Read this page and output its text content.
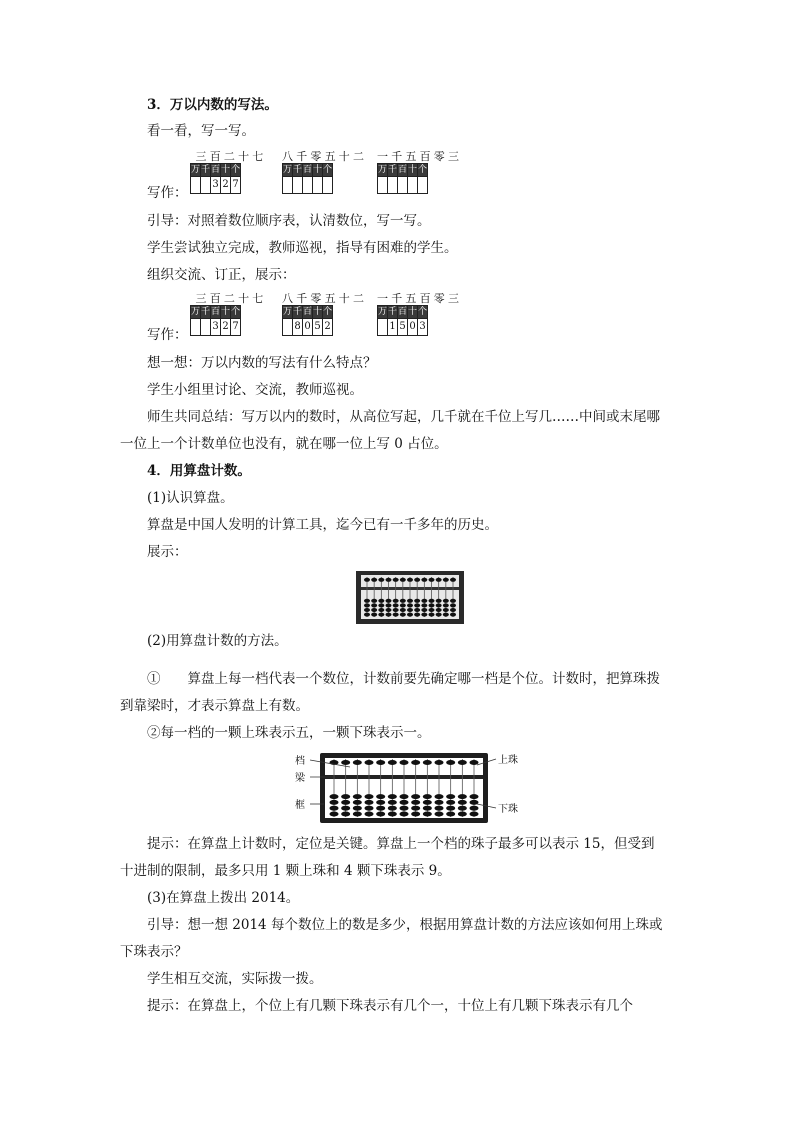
3．万以内数的写法。
看一看，写一写。
写作：
三百二十七
万	千	百	十	个
		3	2	7
八千零五十二
万	千	百	十	个

一千五百零三
万	千	百	十	个

引导：对照着数位顺序表，认清数位，写一写。
学生尝试独立完成，教师巡视，指导有困难的学生。
组织交流、订正，展示：
写作：
三百二十七
万	千	百	十	个
		3	2	7
八千零五十二
万	千	百	十	个
	8	0	5	2
一千五百零三
万	千	百	十	个
	1	5	0	3
想一想：万以内数的写法有什么特点？
学生小组里讨论、交流，教师巡视。
师生共同总结：写万以内的数时，从高位写起，几千就在千位上写几……中间或末尾哪
一位上一个计数单位也没有，就在哪一位上写 0 占位。
4．用算盘计数。
(1)认识算盘。
算盘是中国人发明的计算工具，迄今已有一千多年的历史。
展示：
(2)用算盘计数的方法。
①　　算盘上每一档代表一个数位，计数前要先确定哪一档是个位。计数时，把算珠拨
到靠梁时，才表示算盘上有数。
②每一档的一颗上珠表示五，一颗下珠表示一。
档
梁
框
上珠
下珠
提示：在算盘上计数时，定位是关键。算盘上一个档的珠子最多可以表示 15，但受到
十进制的限制，最多只用 1 颗上珠和 4 颗下珠表示 9。
(3)在算盘上拨出 2014。
引导：想一想 2014 每个数位上的数是多少，根据用算盘计数的方法应该如何用上珠或
下珠表示？
学生相互交流，实际拨一拨。
提示：在算盘上，个位上有几颗下珠表示有几个一，十位上有几颗下珠表示有几个
